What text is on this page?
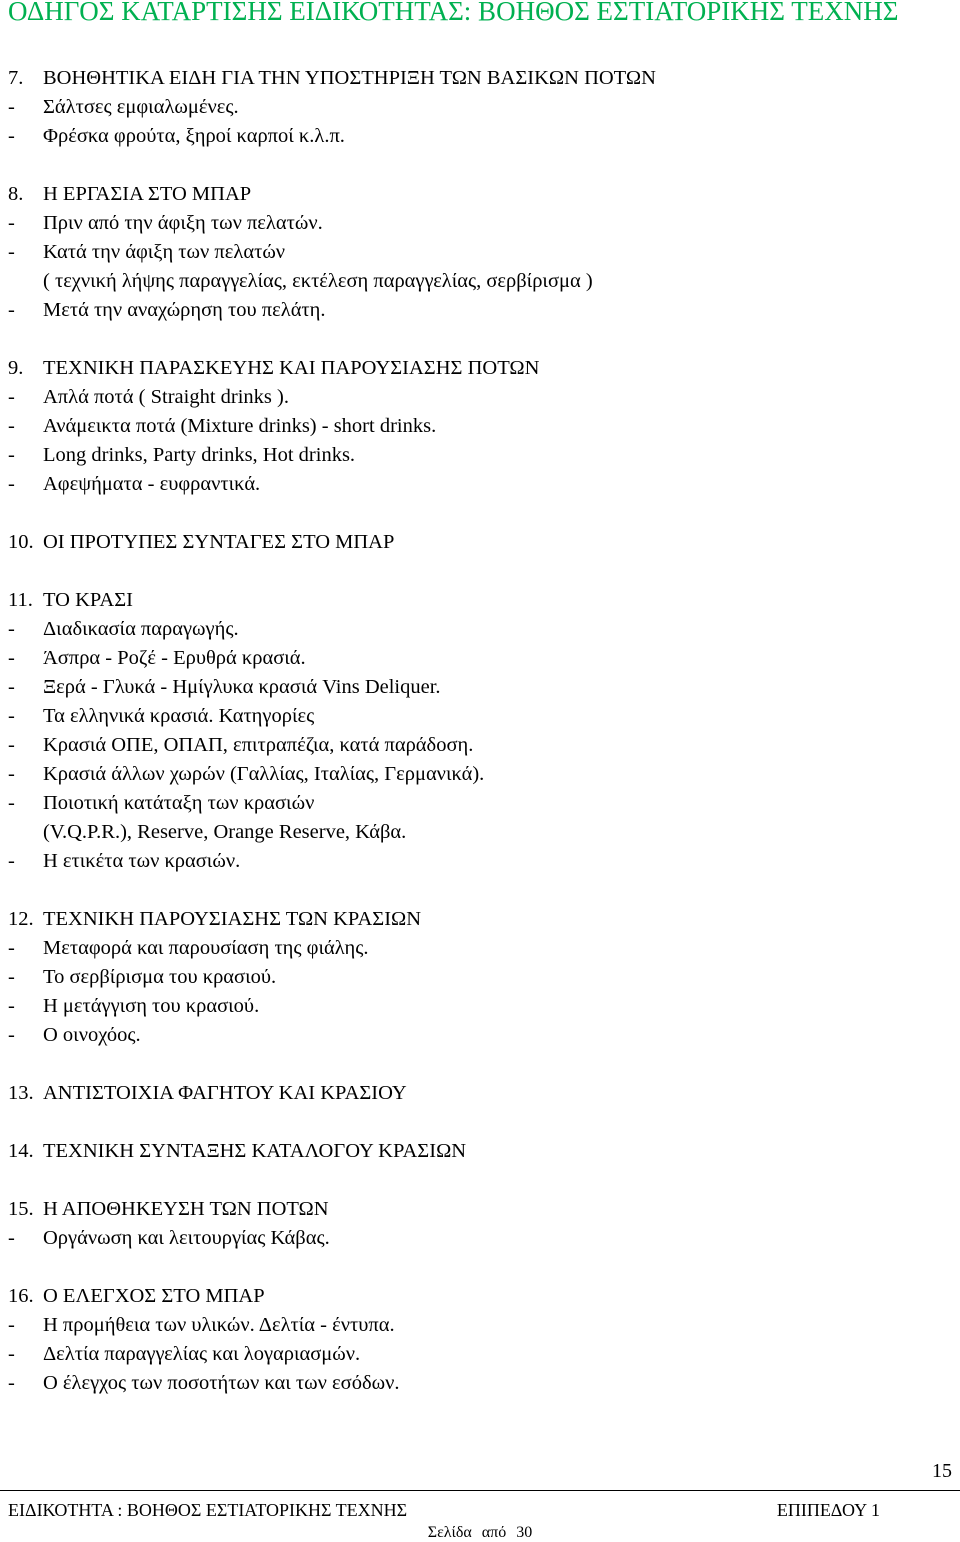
ΟΔΗΓΟΣ ΚΑΤΑΡΤΙΣΗΣ ΕΙΔΙΚΟΤΗΤΑΣ: ΒΟΗΘΟΣ ΕΣΤΙΑΤΟΡΙΚΗΣ ΤΕΧΝΗΣ
7. ΒΟΗΘΗΤΙΚΑ ΕΙΔΗ ΓΙΑ ΤΗΝ ΥΠΟΣΤΗΡΙΞΗ ΤΩΝ ΒΑΣΙΚΩΝ ΠΟΤΩΝ
- Σάλτσες εμφιαλωμένες.
- Φρέσκα φρούτα, ξηροί καρποί κ.λ.π.
8. Η ΕΡΓΑΣΙΑ ΣΤΟ ΜΠΑΡ
- Πριν από την άφιξη των πελατών.
- Κατά την άφιξη των πελατών
( τεχνική λήψης παραγγελίας, εκτέλεση παραγγελίας, σερβίρισμα )
- Μετά την αναχώρηση του πελάτη.
9. ΤΕΧΝΙΚΗ ΠΑΡΑΣΚΕΥΗΣ ΚΑΙ ΠΑΡΟΥΣΙΑΣΗΣ ΠΟΤΩΝ
- Απλά ποτά ( Straight drinks ).
- Ανάμεικτα ποτά (Mixture drinks) - short drinks.
- Long drinks, Party drinks, Hot drinks.
- Αφεψήματα - ευφραντικά.
10. ΟΙ ΠΡΟΤΥΠΕΣ ΣΥΝΤΑΓΕΣ ΣΤΟ ΜΠΑΡ
11. ΤΟ ΚΡΑΣΙ
- Διαδικασία παραγωγής.
- Άσπρα - Ροζέ - Ερυθρά κρασιά.
- Ξερά - Γλυκά - Ημίγλυκα κρασιά Vins Deliquer.
- Τα ελληνικά κρασιά. Κατηγορίες
- Κρασιά ΟΠΕ, ΟΠΑΠ, επιτραπέζια, κατά παράδοση.
- Κρασιά άλλων χωρών (Γαλλίας, Ιταλίας, Γερμανικά).
- Ποιοτική κατάταξη των κρασιών
(V.Q.P.R.), Reserve, Orange Reserve, Κάβα.
- Η ετικέτα των κρασιών.
12. ΤΕΧΝΙΚΗ ΠΑΡΟΥΣΙΑΣΗΣ ΤΩΝ ΚΡΑΣΙΩΝ
- Μεταφορά και παρουσίαση της φιάλης.
- Το σερβίρισμα του κρασιού.
- Η μετάγγιση του κρασιού.
- Ο οινοχόος.
13. ΑΝΤΙΣΤΟΙΧΙΑ ΦΑΓΗΤΟΥ ΚΑΙ ΚΡΑΣΙΟΥ
14. ΤΕΧΝΙΚΗ ΣΥΝΤΑΞΗΣ ΚΑΤΑΛΟΓΟΥ ΚΡΑΣΙΩΝ
15. Η ΑΠΟΘΗΚΕΥΣΗ ΤΩΝ ΠΟΤΩΝ
- Οργάνωση και λειτουργίας Κάβας.
16. Ο ΕΛΕΓΧΟΣ ΣΤΟ ΜΠΑΡ
- Η προμήθεια των υλικών. Δελτία - έντυπα.
- Δελτία παραγγελίας και λογαριασμών.
- Ο έλεγχος των ποσοτήτων και των εσόδων.
15
ΕΙΔΙΚΟΤΗΤΑ : ΒΟΗΘΟΣ ΕΣΤΙΑΤΟΡΙΚΗΣ ΤΕΧΝΗΣ	ΕΠΙΠΕΔΟΥ 1
Σελίδα από 30
